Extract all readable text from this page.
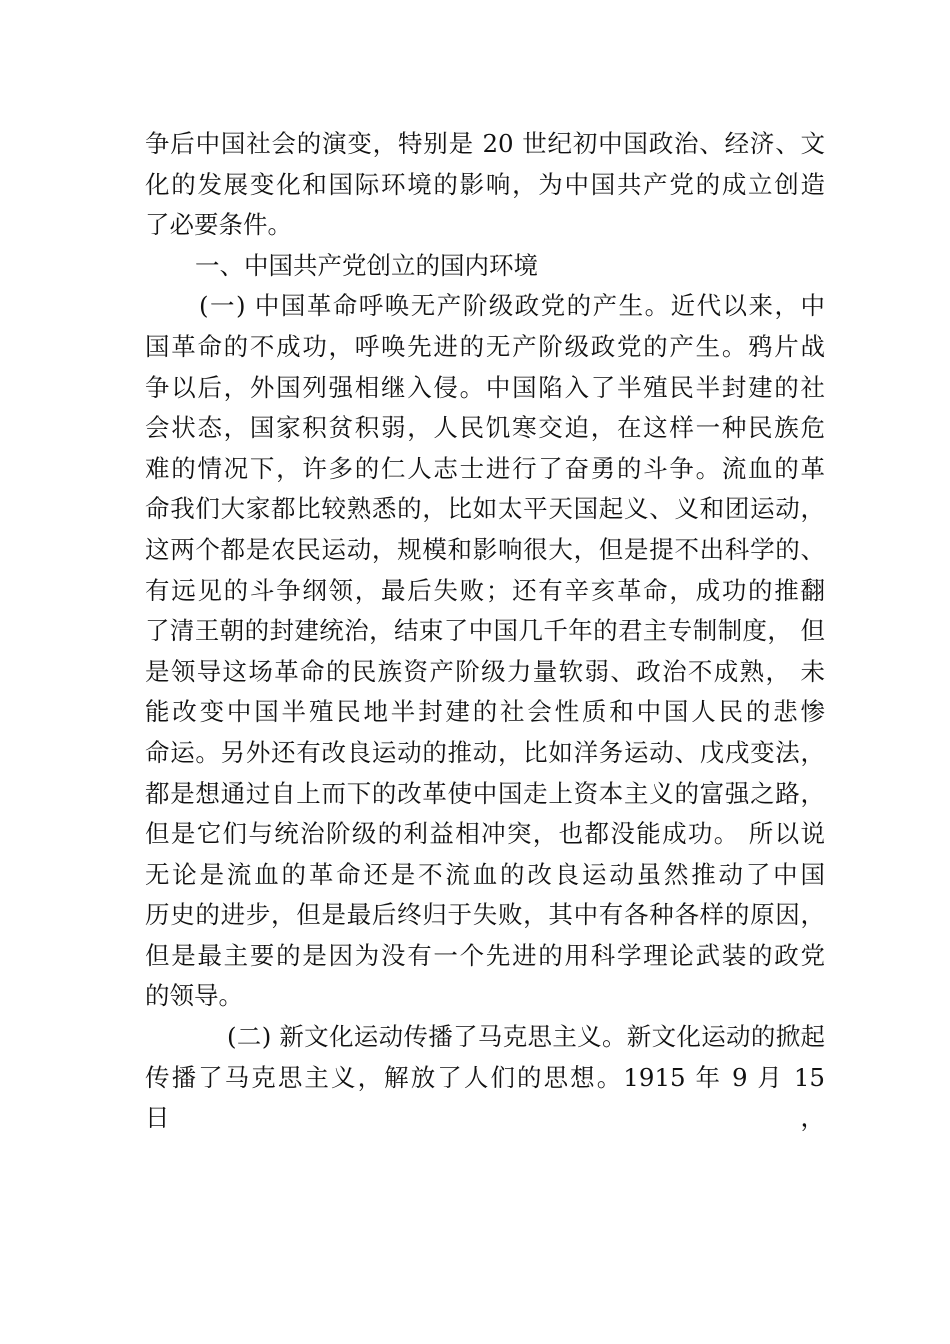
争后中国社会的演变，特别是 20 世纪初中国政治、经济、文
化的发展变化和国际环境的影响，为中国共产党的成立创造
了必要条件。
一、中国共产党创立的国内环境
(一) 中国革命呼唤无产阶级政党的产生。近代以来，中
国革命的不成功，呼唤先进的无产阶级政党的产生。鸦片战
争以后，外国列强相继入侵。中国陷入了半殖民半封建的社
会状态，国家积贫积弱，人民饥寒交迫，在这样一种民族危
难的情况下，许多的仁人志士进行了奋勇的斗争。流血的革
命我们大家都比较熟悉的，比如太平天国起义、义和团运动，
这两个都是农民运动，规模和影响很大，但是提不出科学的、
有远见的斗争纲领，最后失败；还有辛亥革命，成功的推翻
了清王朝的封建统治，结束了中国几千年的君主专制制度， 但
是领导这场革命的民族资产阶级力量软弱、政治不成熟， 未
能改变中国半殖民地半封建的社会性质和中国人民的悲惨
命运。另外还有改良运动的推动，比如洋务运动、戊戌变法，
都是想通过自上而下的改革使中国走上资本主义的富强之路，
但是它们与统治阶级的利益相冲突，也都没能成功。 所以说
无论是流血的革命还是不流血的改良运动虽然推动了中国
历史的进步，但是最后终归于失败，其中有各种各样的原因，
但是最主要的是因为没有一个先进的用科学理论武装的政党
的领导。
(二) 新文化运动传播了马克思主义。新文化运动的掀起
传播了马克思主义，解放了人们的思想。1915 年 9 月 15 日，
